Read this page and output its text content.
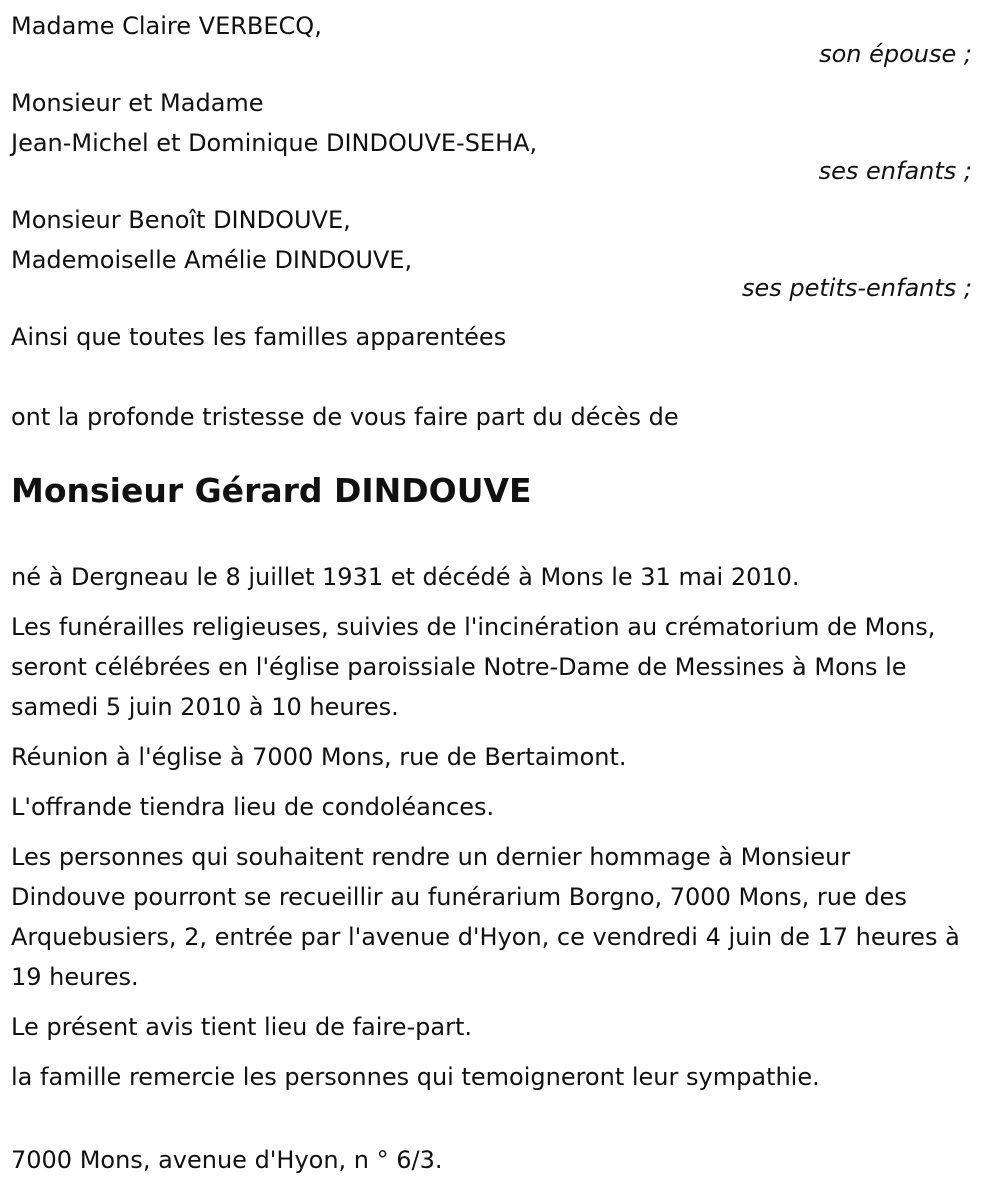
Madame Claire VERBECQ,
son épouse ;
Monsieur et Madame
Jean-Michel et Dominique DINDOUVE-SEHA,
ses enfants ;
Monsieur Benoît DINDOUVE,
Mademoiselle Amélie DINDOUVE,
ses petits-enfants ;
Ainsi que toutes les familles apparentées
ont la profonde tristesse de vous faire part du décès de
Monsieur Gérard DINDOUVE

né à Dergneau le 8 juillet 1931 et décédé à Mons le 31 mai 2010.

Les funérailles religieuses, suivies de l'incinération au crématorium de Mons, seront célébrées en l'église paroissiale Notre-Dame de Messines à Mons le samedi 5 juin 2010 à 10 heures.

Réunion à l'église à 7000 Mons, rue de Bertaimont.

L'offrande tiendra lieu de condoléances.

Les personnes qui souhaitent rendre un dernier hommage à Monsieur Dindouve pourront se recueillir au funérarium Borgno, 7000 Mons, rue des Arquebusiers, 2, entrée par l'avenue d'Hyon, ce vendredi 4 juin de 17 heures à 19 heures.

Le présent avis tient lieu de faire-part.

la famille remercie les personnes qui temoigneront leur sympathie.

7000 Mons, avenue d'Hyon, n ° 6/3.
